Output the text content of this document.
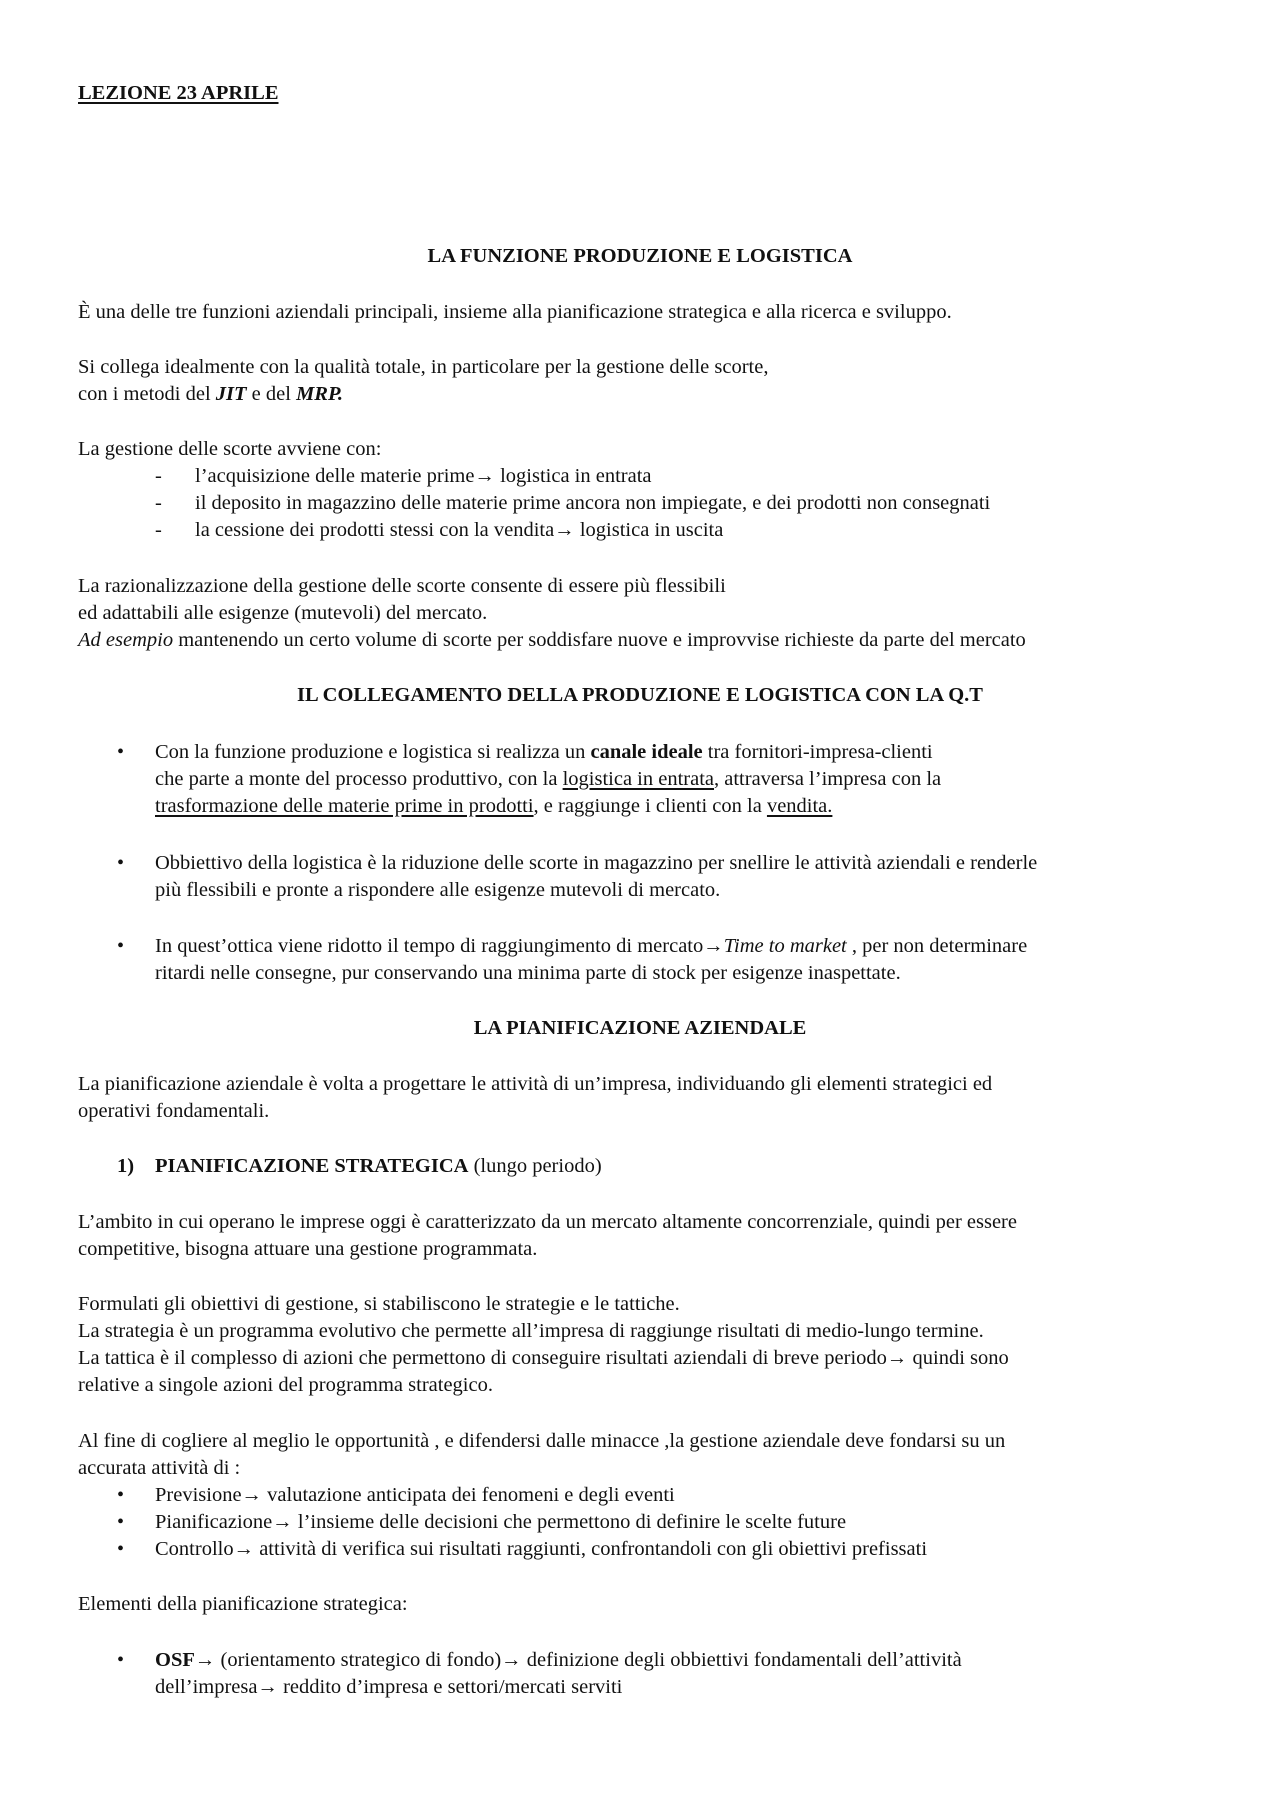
LEZIONE 23 APRILE
LA FUNZIONE PRODUZIONE E LOGISTICA
È una delle tre funzioni aziendali principali, insieme alla pianificazione strategica e alla ricerca e sviluppo.
Si collega idealmente con la qualità totale, in particolare per la gestione delle scorte,
con i metodi del JIT e del MRP.
La gestione delle scorte avviene con:
- l’acquisizione delle materie prime→ logistica in entrata
- il deposito in magazzino delle materie prime ancora non impiegate, e dei prodotti non consegnati
- la cessione dei prodotti stessi con la vendita→ logistica in uscita
La razionalizzazione della gestione delle scorte consente di essere più flessibili
ed adattabili alle esigenze (mutevoli) del mercato.
Ad esempio mantenendo un certo volume di scorte per soddisfare nuove e improvvise richieste da parte del mercato
IL COLLEGAMENTO DELLA PRODUZIONE E LOGISTICA CON LA Q.T
• Con la funzione produzione e logistica si realizza un canale ideale tra fornitori-impresa-clienti
che parte a monte del processo produttivo, con la logistica in entrata, attraversa l’impresa con la
trasformazione delle materie prime in prodotti, e raggiunge i clienti con la vendita.
• Obbiettivo della logistica è la riduzione delle scorte in magazzino per snellire le attività aziendali e renderle
più flessibili e pronte a rispondere alle esigenze mutevoli di mercato.
• In quest’ottica viene ridotto il tempo di raggiungimento di mercato→Time to market , per non determinare
ritardi nelle consegne, pur conservando una minima parte di stock per esigenze inaspettate.
LA PIANIFICAZIONE AZIENDALE
La pianificazione aziendale è volta a progettare le attività di un’impresa, individuando gli elementi strategici ed
operativi fondamentali.
1) PIANIFICAZIONE STRATEGICA (lungo periodo)
L’ambito in cui operano le imprese oggi è caratterizzato da un mercato altamente concorrenziale, quindi per essere
competitive, bisogna attuare una gestione programmata.
Formulati gli obiettivi di gestione, si stabiliscono le strategie e le tattiche.
La strategia è un programma evolutivo che permette all’impresa di raggiunge risultati di medio-lungo termine.
La tattica è il complesso di azioni che permettono di conseguire risultati aziendali di breve periodo→ quindi sono
relative a singole azioni del programma strategico.
Al fine di cogliere al meglio le opportunità , e difendersi dalle minacce ,la gestione aziendale deve fondarsi su un
accurata attività di :
• Previsione→ valutazione anticipata dei fenomeni e degli eventi
• Pianificazione→ l’insieme delle decisioni che permettono di definire le scelte future
• Controllo→ attività di verifica sui risultati raggiunti, confrontandoli con gli obiettivi prefissati
Elementi della pianificazione strategica:
• OSF→ (orientamento strategico di fondo)→ definizione degli obbiettivi fondamentali dell’attività
dell’impresa→ reddito d’impresa e settori/mercati serviti
